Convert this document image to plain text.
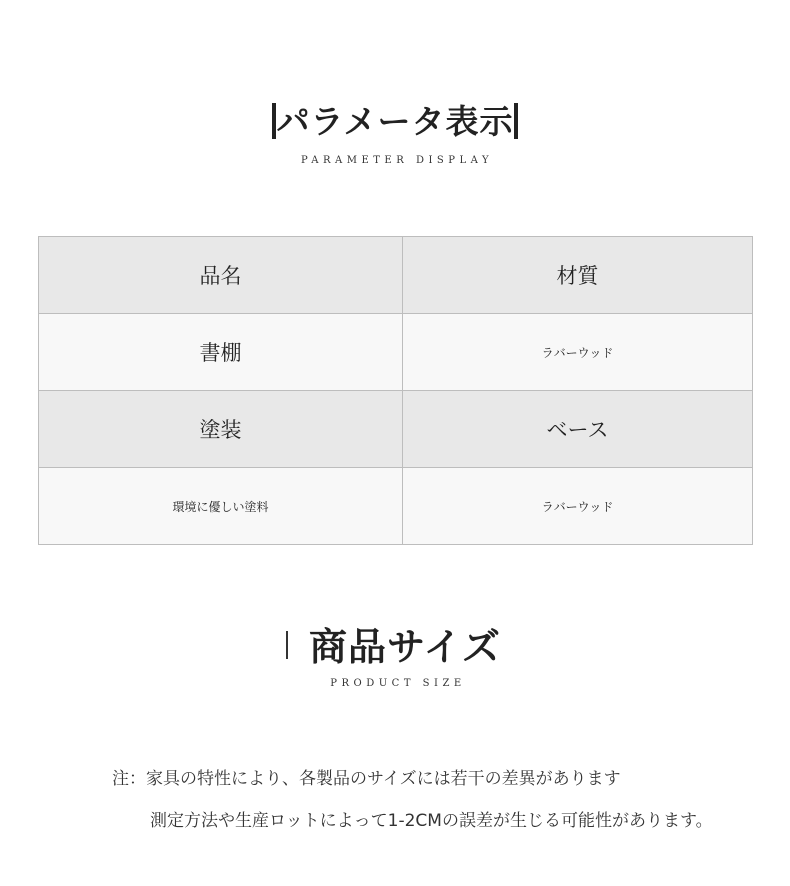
パラメータ表示
PARAMETER DISPLAY
品名	材質
書棚	ラバーウッド
塗装	ベース
環境に優しい塗料	ラバーウッド
商品サイズ
PRODUCT SIZE
注：家具の特性により、各製品のサイズには若干の差異があります
測定方法や生産ロットによって1-2CMの誤差が生じる可能性があります。
